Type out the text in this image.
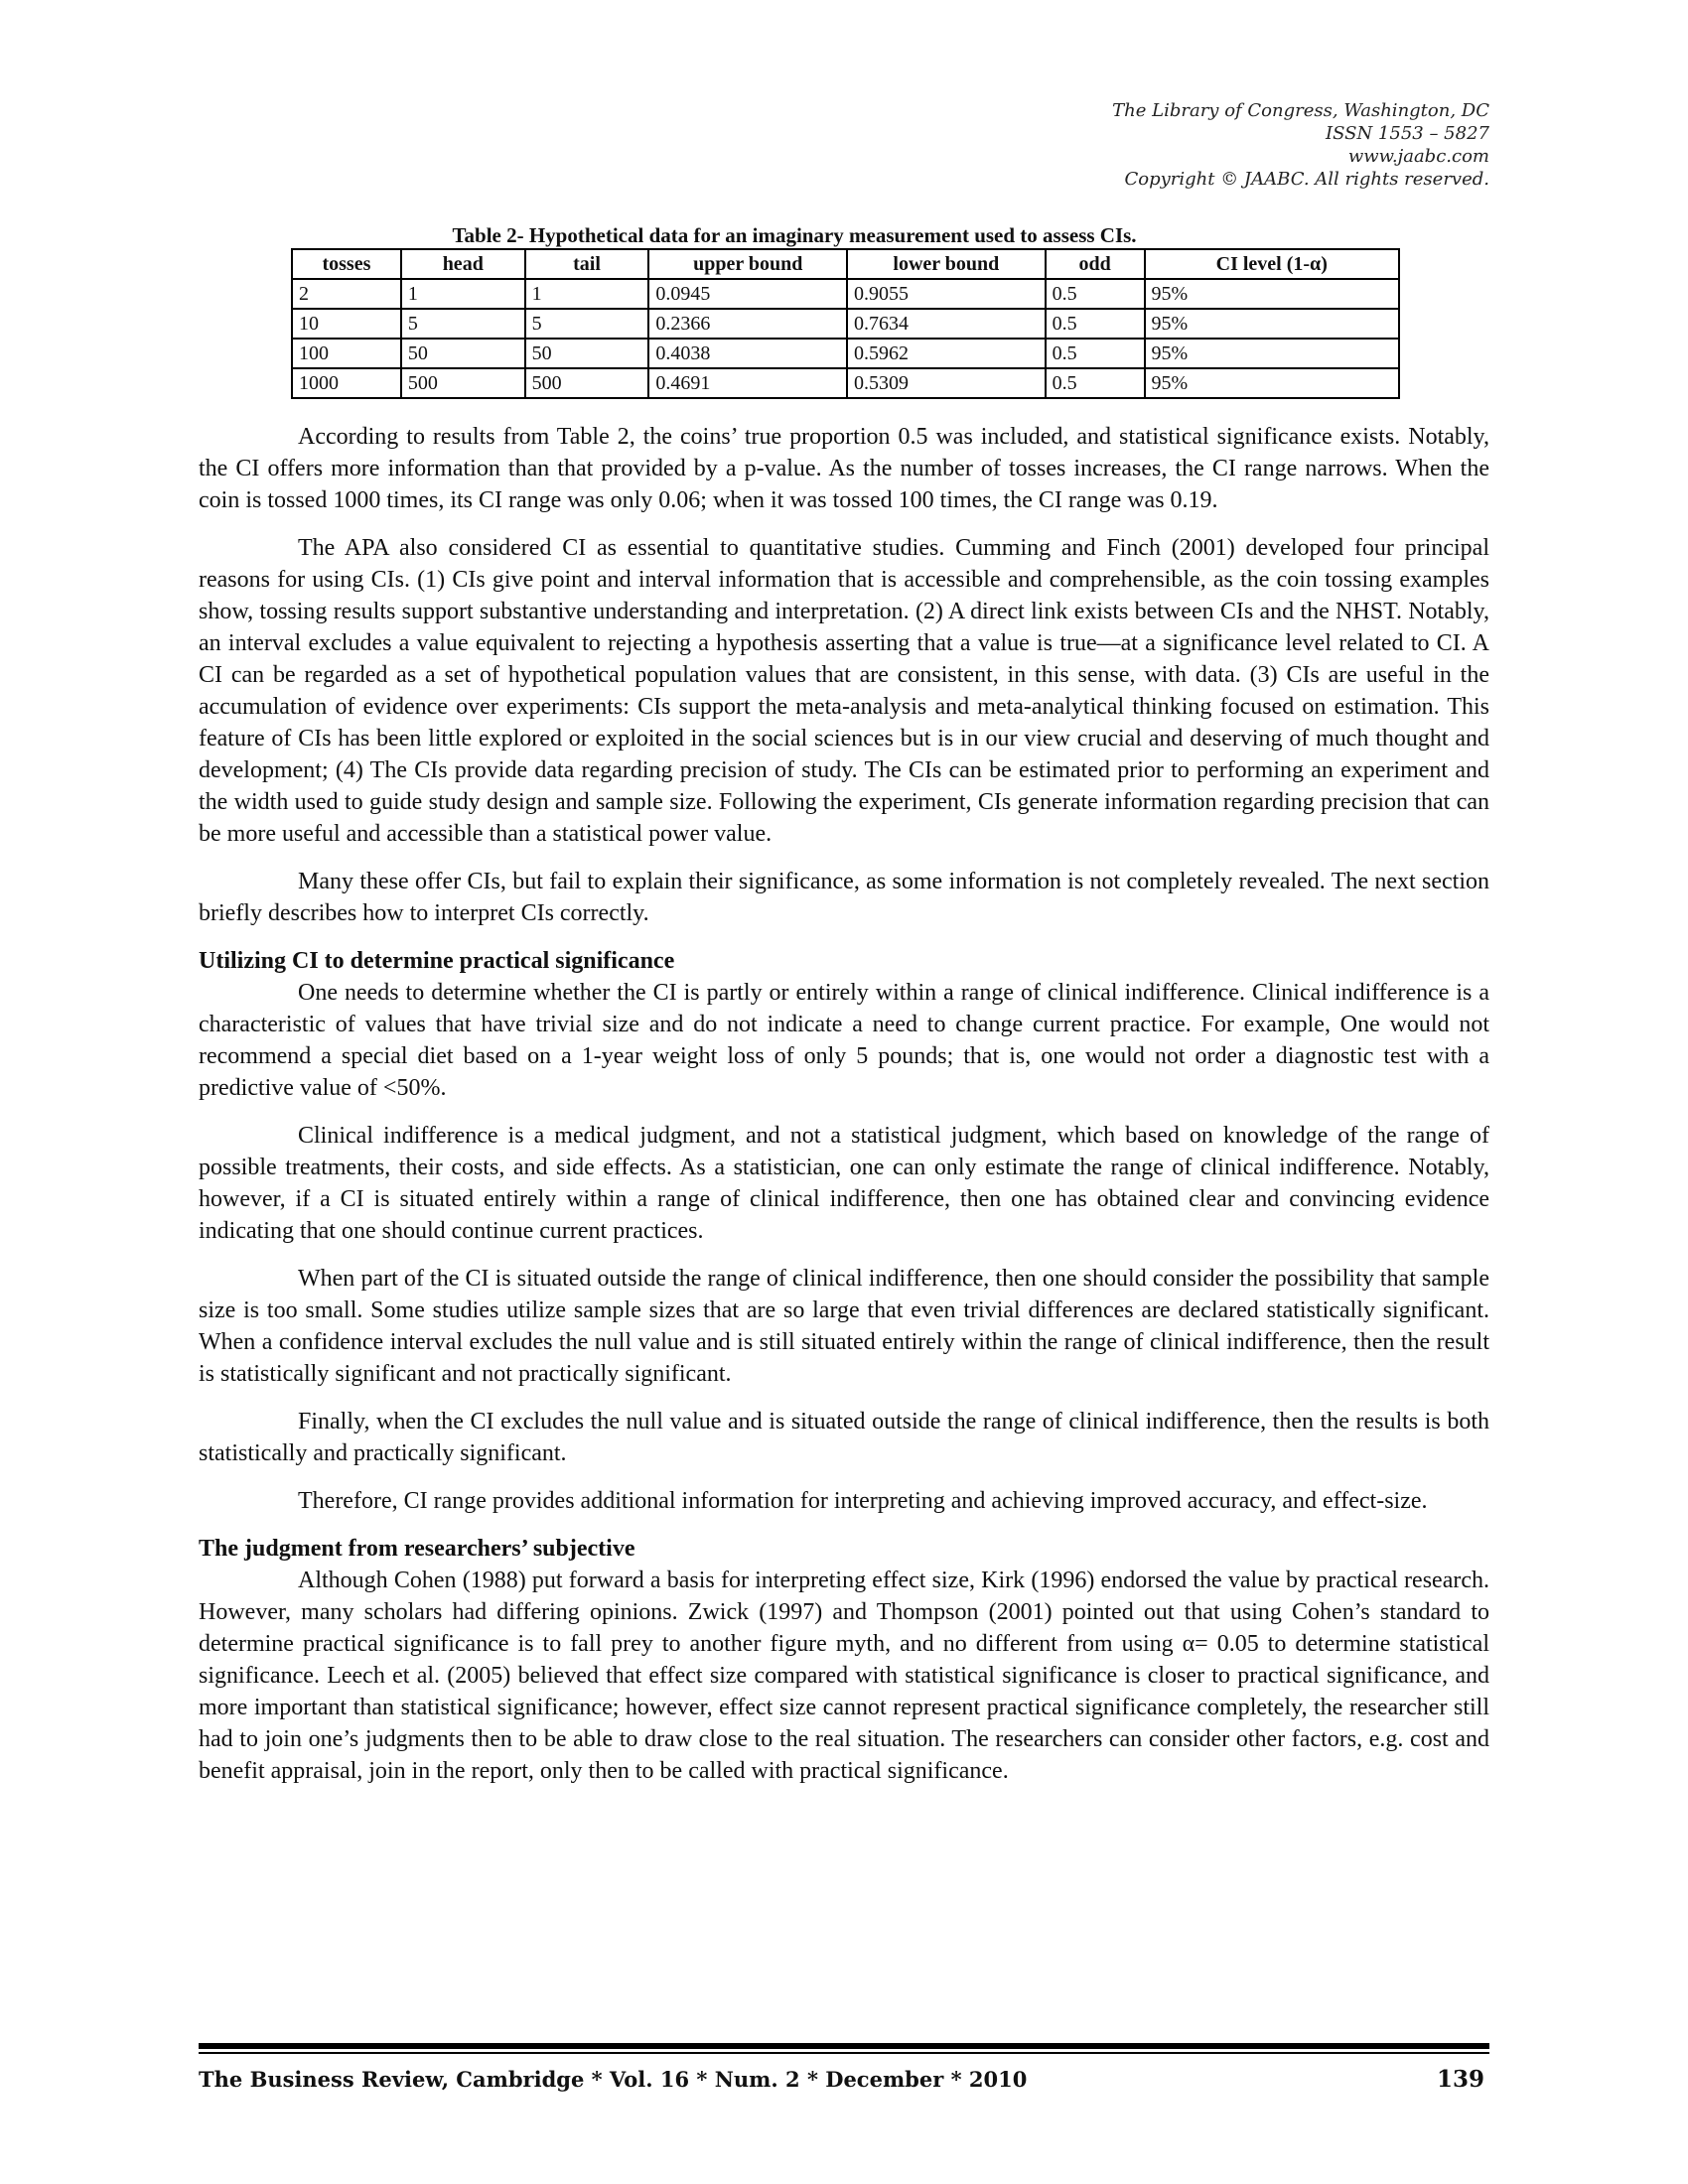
The Library of Congress, Washington, DC
ISSN 1553 – 5827
www.jaabc.com
Copyright © JAABC. All rights reserved.
Table 2- Hypothetical data for an imaginary measurement used to assess CIs.
tosses	head	tail	upper bound	lower bound	odd	CI level (1-α)
2	1	1	0.0945	0.9055	0.5	95%
10	5	5	0.2366	0.7634	0.5	95%
100	50	50	0.4038	0.5962	0.5	95%
1000	500	500	0.4691	0.5309	0.5	95%

According to results from Table 2, the coins’ true proportion 0.5 was included, and statistical significance exists. Notably, the CI offers more information than that provided by a p-value. As the number of tosses increases, the CI range narrows. When the coin is tossed 1000 times, its CI range was only 0.06; when it was tossed 100 times, the CI range was 0.19.

The APA also considered CI as essential to quantitative studies. Cumming and Finch (2001) developed four principal reasons for using CIs. (1) CIs give point and interval information that is accessible and comprehensible, as the coin tossing examples show, tossing results support substantive understanding and interpretation. (2) A direct link exists between CIs and the NHST. Notably, an interval excludes a value equivalent to rejecting a hypothesis asserting that a value is true—at a significance level related to CI. A CI can be regarded as a set of hypothetical population values that are consistent, in this sense, with data. (3) CIs are useful in the accumulation of evidence over experiments: CIs support the meta-analysis and meta-analytical thinking focused on estimation. This feature of CIs has been little explored or exploited in the social sciences but is in our view crucial and deserving of much thought and development; (4) The CIs provide data regarding precision of study. The CIs can be estimated prior to performing an experiment and the width used to guide study design and sample size. Following the experiment, CIs generate information regarding precision that can be more useful and accessible than a statistical power value.

Many these offer CIs, but fail to explain their significance, as some information is not completely revealed. The next section briefly describes how to interpret CIs correctly.

Utilizing CI to determine practical significance

One needs to determine whether the CI is partly or entirely within a range of clinical indifference. Clinical indifference is a characteristic of values that have trivial size and do not indicate a need to change current practice. For example, One would not recommend a special diet based on a 1-year weight loss of only 5 pounds; that is, one would not order a diagnostic test with a predictive value of <50%.

Clinical indifference is a medical judgment, and not a statistical judgment, which based on knowledge of the range of possible treatments, their costs, and side effects. As a statistician, one can only estimate the range of clinical indifference. Notably, however, if a CI is situated entirely within a range of clinical indifference, then one has obtained clear and convincing evidence indicating that one should continue current practices.

When part of the CI is situated outside the range of clinical indifference, then one should consider the possibility that sample size is too small. Some studies utilize sample sizes that are so large that even trivial differences are declared statistically significant. When a confidence interval excludes the null value and is still situated entirely within the range of clinical indifference, then the result is statistically significant and not practically significant.

Finally, when the CI excludes the null value and is situated outside the range of clinical indifference, then the results is both statistically and practically significant.

Therefore, CI range provides additional information for interpreting and achieving improved accuracy, and effect-size.

The judgment from researchers’ subjective

Although Cohen (1988) put forward a basis for interpreting effect size, Kirk (1996) endorsed the value by practical research. However, many scholars had differing opinions. Zwick (1997) and Thompson (2001) pointed out that using Cohen’s standard to determine practical significance is to fall prey to another figure myth, and no different from using α= 0.05 to determine statistical significance. Leech et al. (2005) believed that effect size compared with statistical significance is closer to practical significance, and more important than statistical significance; however, effect size cannot represent practical significance completely, the researcher still had to join one’s judgments then to be able to draw close to the real situation. The researchers can consider other factors, e.g. cost and benefit appraisal, join in the report, only then to be called with practical significance.

The Business Review, Cambridge * Vol. 16 * Num. 2 * December * 2010	139
